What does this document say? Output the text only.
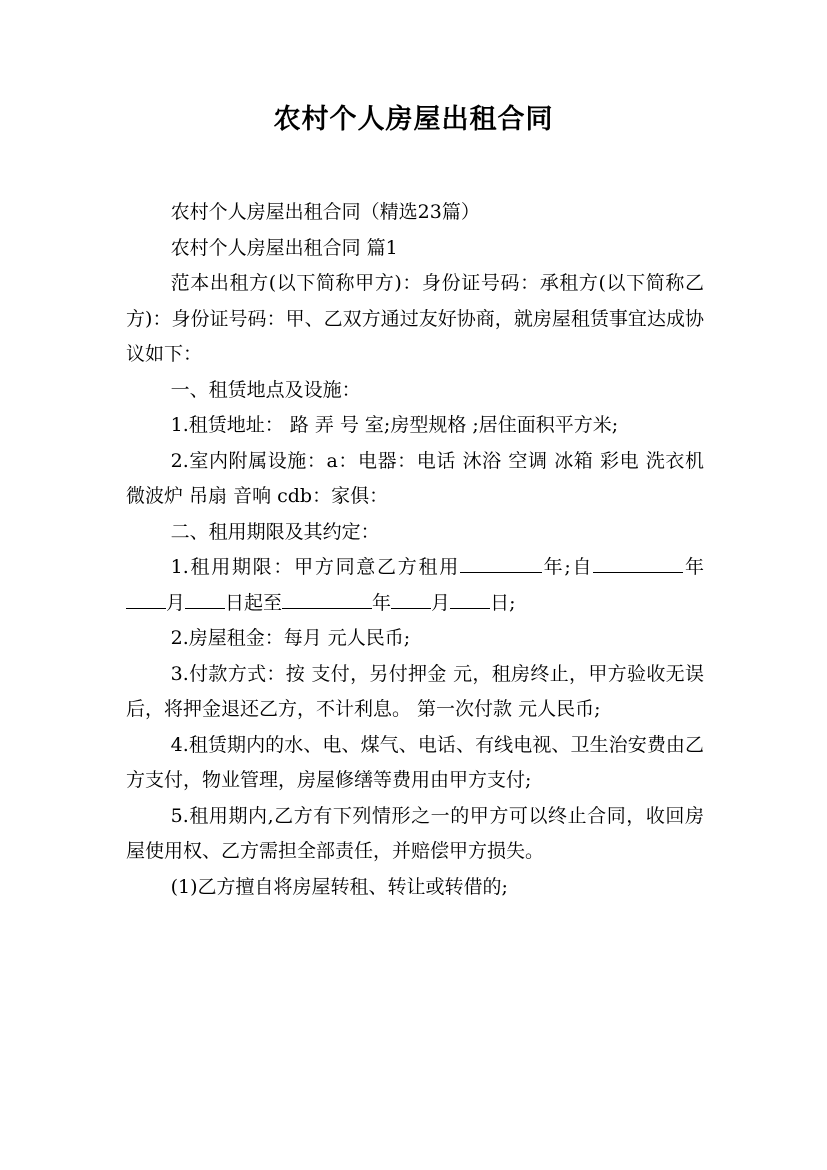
农村个人房屋出租合同

农村个人房屋出租合同（精选23篇）

农村个人房屋出租合同 篇1

范本出租方(以下简称甲方)：身份证号码：承租方(以下简称乙方)：身份证号码：甲、乙双方通过友好协商，就房屋租赁事宜达成协议如下：

一、租赁地点及设施：

1.租赁地址： 路 弄 号 室;房型规格 ;居住面积平方米;

2.室内附属设施：a：电器：电话 沐浴 空调 冰箱 彩电 洗衣机 微波炉 吊扇 音响 cdb：家俱：

二、租用期限及其约定：

1.租用期限：甲方同意乙方租用	年;自	年月 日起至	年 月 日;

2.房屋租金：每月 元人民币;

3.付款方式：按 支付，另付押金 元，租房终止，甲方验收无误后，将押金退还乙方，不计利息。 第一次付款 元人民币;

4.租赁期内的水、电、煤气、电话、有线电视、卫生治安费由乙方支付，物业管理，房屋修缮等费用由甲方支付;

5.租用期内,乙方有下列情形之一的甲方可以终止合同，收回房屋使用权、乙方需担全部责任，并赔偿甲方损失。

(1)乙方擅自将房屋转租、转让或转借的;
